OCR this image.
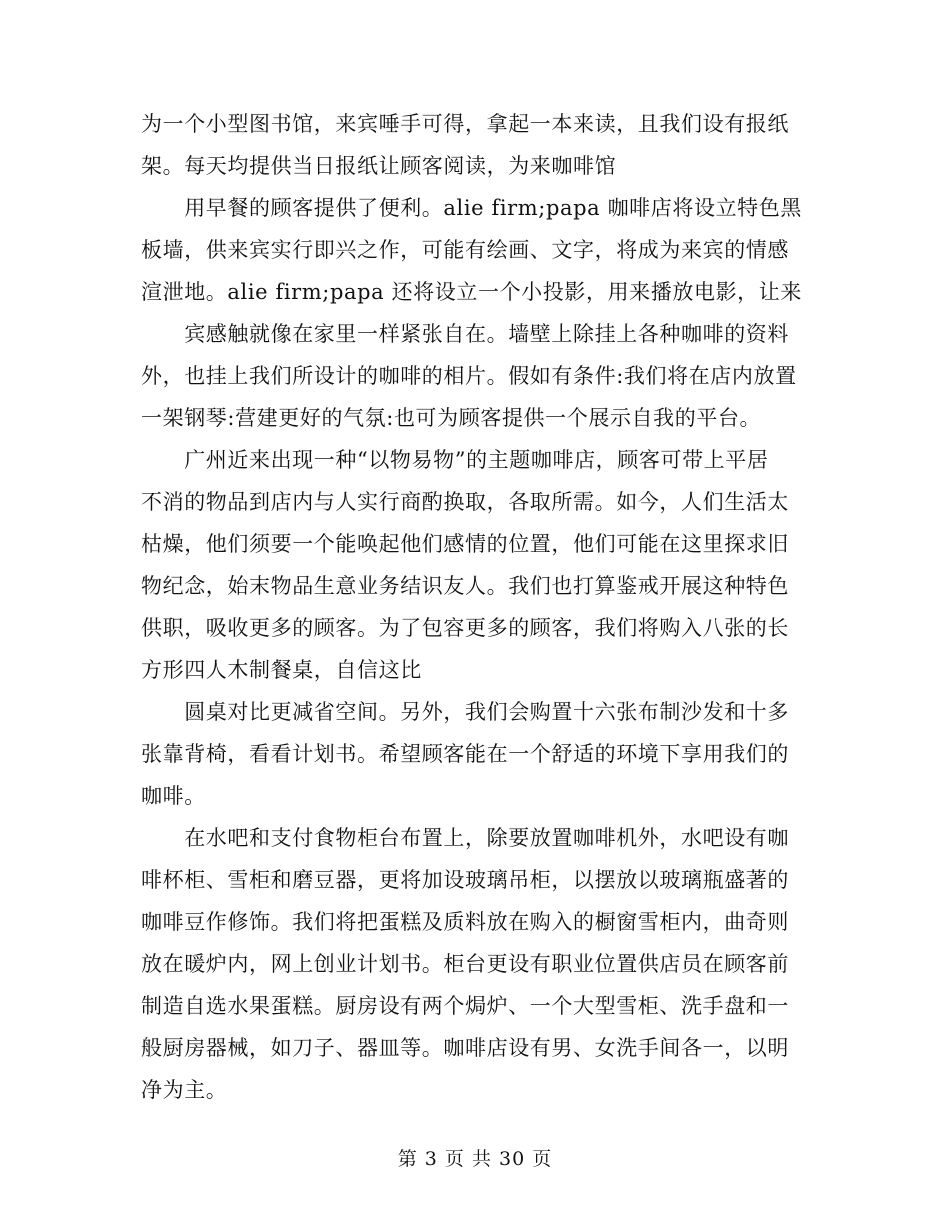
为一个小型图书馆，来宾唾手可得，拿起一本来读，且我们设有报纸
架。每天均提供当日报纸让顾客阅读，为来咖啡馆
　　用早餐的顾客提供了便利。alie firm;papa 咖啡店将设立特色黑
板墙，供来宾实行即兴之作，可能有绘画、文字，将成为来宾的情感
渲泄地。alie firm;papa 还将设立一个小投影，用来播放电影，让来
　　宾感触就像在家里一样紧张自在。墙壁上除挂上各种咖啡的资料
外，也挂上我们所设计的咖啡的相片。假如有条件:我们将在店内放置
一架钢琴:营建更好的气氛:也可为顾客提供一个展示自我的平台。
　　广州近来出现一种“以物易物”的主题咖啡店，顾客可带上平居
不消的物品到店内与人实行商酌换取，各取所需。如今，人们生活太
枯燥，他们须要一个能唤起他们感情的位置，他们可能在这里探求旧
物纪念，始末物品生意业务结识友人。我们也打算鉴戒开展这种特色
供职，吸收更多的顾客。为了包容更多的顾客，我们将购入八张的长
方形四人木制餐桌，自信这比
　　圆桌对比更减省空间。另外，我们会购置十六张布制沙发和十多
张靠背椅，看看计划书。希望顾客能在一个舒适的环境下享用我们的
咖啡。
　　在水吧和支付食物柜台布置上，除要放置咖啡机外，水吧设有咖
啡杯柜、雪柜和磨豆器，更将加设玻璃吊柜，以摆放以玻璃瓶盛著的
咖啡豆作修饰。我们将把蛋糕及质料放在购入的橱窗雪柜内，曲奇则
放在暖炉内，网上创业计划书。柜台更设有职业位置供店员在顾客前
制造自选水果蛋糕。厨房设有两个焗炉、一个大型雪柜、洗手盘和一
般厨房器械，如刀子、器皿等。咖啡店设有男、女洗手间各一，以明
净为主。
第 3 页 共 30 页
